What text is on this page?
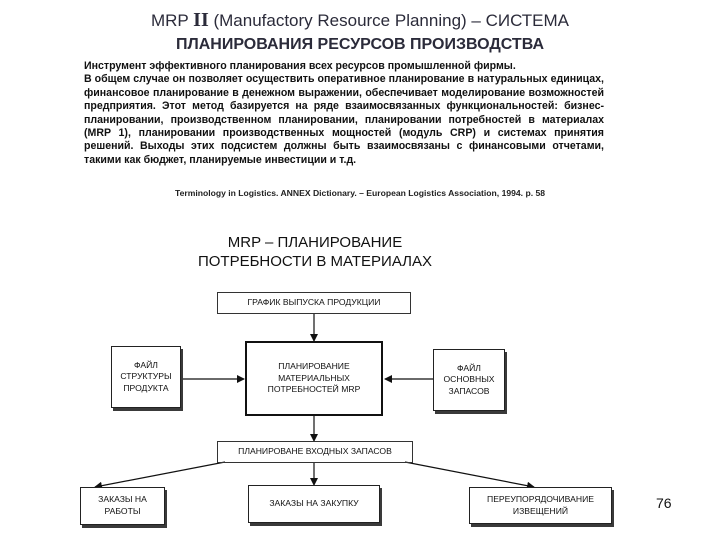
MRP II (Manufactory Resource Planning) – СИСТЕМА
ПЛАНИРОВАНИЯ РЕСУРСОВ ПРОИЗВОДСТВА

Инструмент эффективного планирования всех ресурсов промышленной фирмы.

В общем случае он позволяет осуществить оперативное планирование в натуральных единицах, финансовое планирование в денежном выражении, обеспечивает моделирование возможностей предприятия. Этот метод базируется на ряде взаимосвязанных функциональностей: бизнес-планировании, производственном планировании, планировании потребностей в материалах (MRP 1), планировании производственных мощностей (модуль CRP) и системах принятия решений. Выходы этих подсистем должны быть взаимосвязаны с финансовыми отчетами, такими как бюджет, планируемые инвестиции и т.д.

Terminology in Logistics. ANNEX Dictionary. – European Logistics Association, 1994. p. 58
MRP – ПЛАНИРОВАНИЕ
ПОТРЕБНОСТИ В МАТЕРИАЛАХ
ГРАФИК ВЫПУСКА ПРОДУКЦИИ
ФАЙЛ СТРУКТУРЫ ПРОДУКТА
ПЛАНИРОВАНИЕ МАТЕРИАЛЬНЫХ ПОТРЕБНОСТЕЙ MRP
ФАЙЛ ОСНОВНЫХ ЗАПАСОВ
ПЛАНИРОВАНЕ ВХОДНЫХ ЗАПАСОВ
ЗАКАЗЫ НА РАБОТЫ
ЗАКАЗЫ НА ЗАКУПКУ	ПЕРЕУПОРЯДОЧИВАНИЕ ИЗВЕЩЕНИЙ	76
